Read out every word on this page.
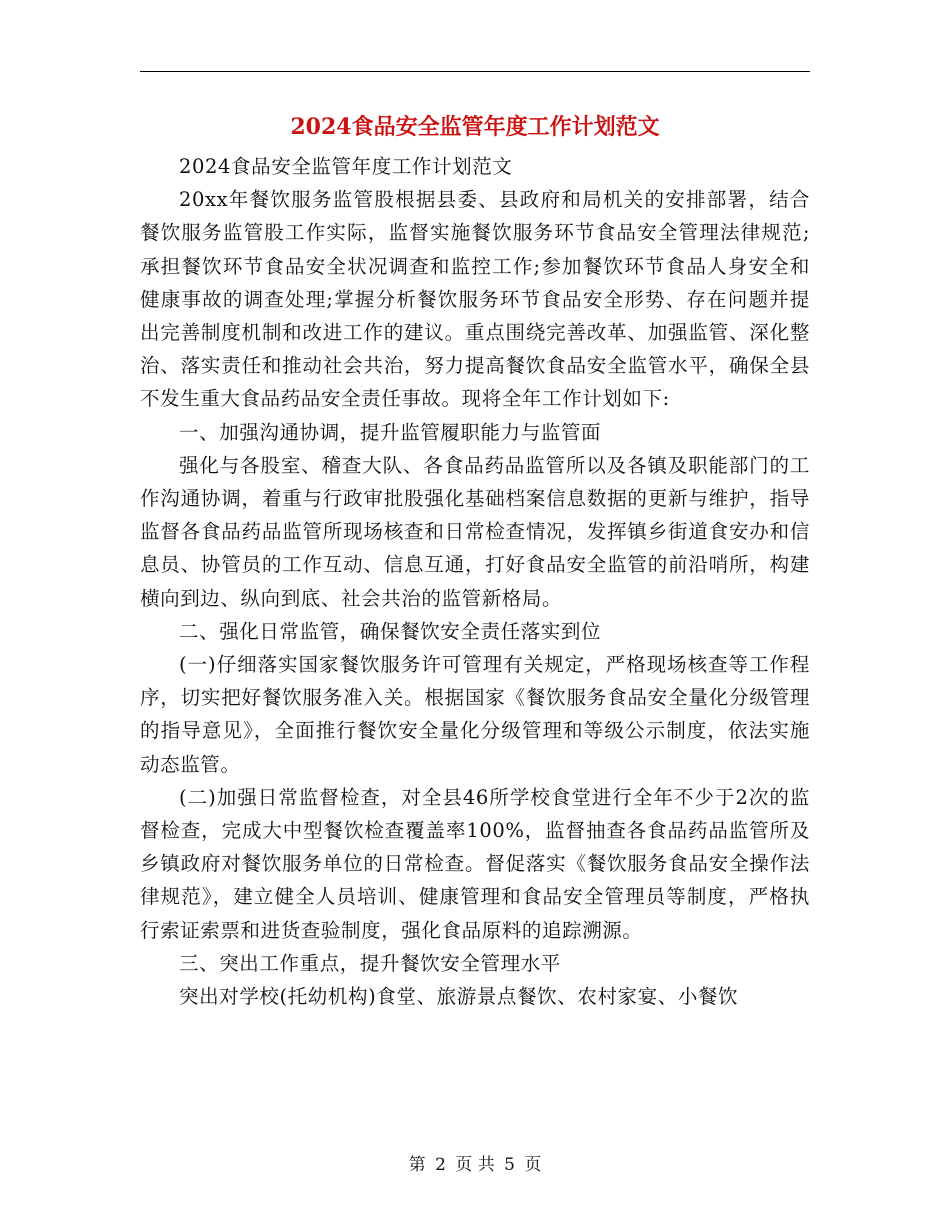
2024食品安全监管年度工作计划范文

2024食品安全监管年度工作计划范文

20xx年餐饮服务监管股根据县委、县政府和局机关的安排部署，结合餐饮服务监管股工作实际，监督实施餐饮服务环节食品安全管理法律规范;承担餐饮环节食品安全状况调查和监控工作;参加餐饮环节食品人身安全和健康事故的调查处理;掌握分析餐饮服务环节食品安全形势、存在问题并提出完善制度机制和改进工作的建议。重点围绕完善改革、加强监管、深化整治、落实责任和推动社会共治，努力提高餐饮食品安全监管水平，确保全县不发生重大食品药品安全责任事故。现将全年工作计划如下:

一、加强沟通协调，提升监管履职能力与监管面

强化与各股室、稽查大队、各食品药品监管所以及各镇及职能部门的工作沟通协调，着重与行政审批股强化基础档案信息数据的更新与维护，指导监督各食品药品监管所现场核查和日常检查情况，发挥镇乡街道食安办和信息员、协管员的工作互动、信息互通，打好食品安全监管的前沿哨所，构建横向到边、纵向到底、社会共治的监管新格局。

二、强化日常监管，确保餐饮安全责任落实到位

(一)仔细落实国家餐饮服务许可管理有关规定，严格现场核查等工作程序，切实把好餐饮服务准入关。根据国家《餐饮服务食品安全量化分级管理的指导意见》，全面推行餐饮安全量化分级管理和等级公示制度，依法实施动态监管。

(二)加强日常监督检查，对全县46所学校食堂进行全年不少于2次的监督检查，完成大中型餐饮检查覆盖率100%，监督抽查各食品药品监管所及乡镇政府对餐饮服务单位的日常检查。督促落实《餐饮服务食品安全操作法律规范》，建立健全人员培训、健康管理和食品安全管理员等制度，严格执行索证索票和进货查验制度，强化食品原料的追踪溯源。

三、突出工作重点，提升餐饮安全管理水平

突出对学校(托幼机构)食堂、旅游景点餐饮、农村家宴、小餐饮

第 2 页 共 5 页
